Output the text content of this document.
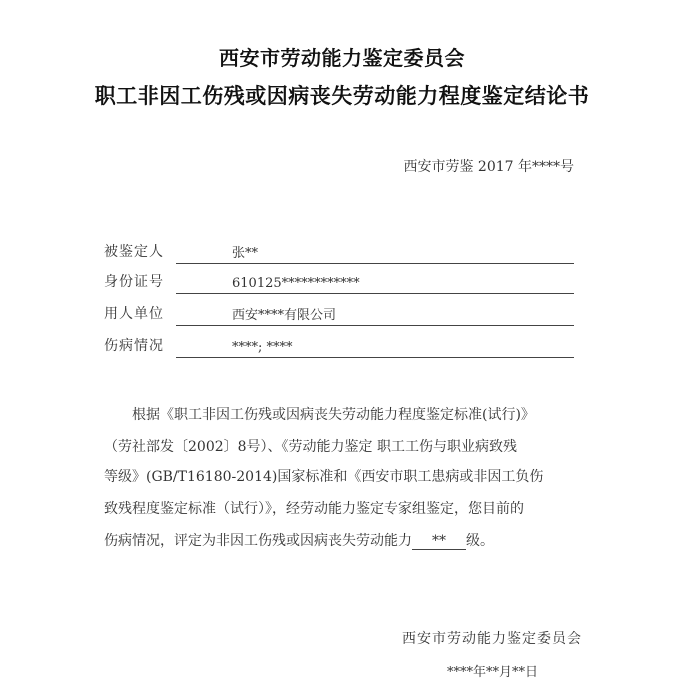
西安市劳动能力鉴定委员会
职工非因工伤残或因病丧失劳动能力程度鉴定结论书
西安市劳鉴 2017 年****号
被鉴定人	张**
身份证号	610125************
用人单位	西安****有限公司
伤病情况	****; ****
根据《职工非因工伤残或因病丧失劳动能力程度鉴定标准(试行)》
（劳社部发〔2002〕8号）、《劳动能力鉴定 职工工伤与职业病致残
等级》(GB/T16180-2014)国家标准和《西安市职工患病或非因工负伤
致残程度鉴定标准（试行）》，经劳动能力鉴定专家组鉴定，您目前的
伤病情况，评定为非因工伤残或因病丧失劳动能力 ** 级。
西安市劳动能力鉴定委员会
****年**月**日
